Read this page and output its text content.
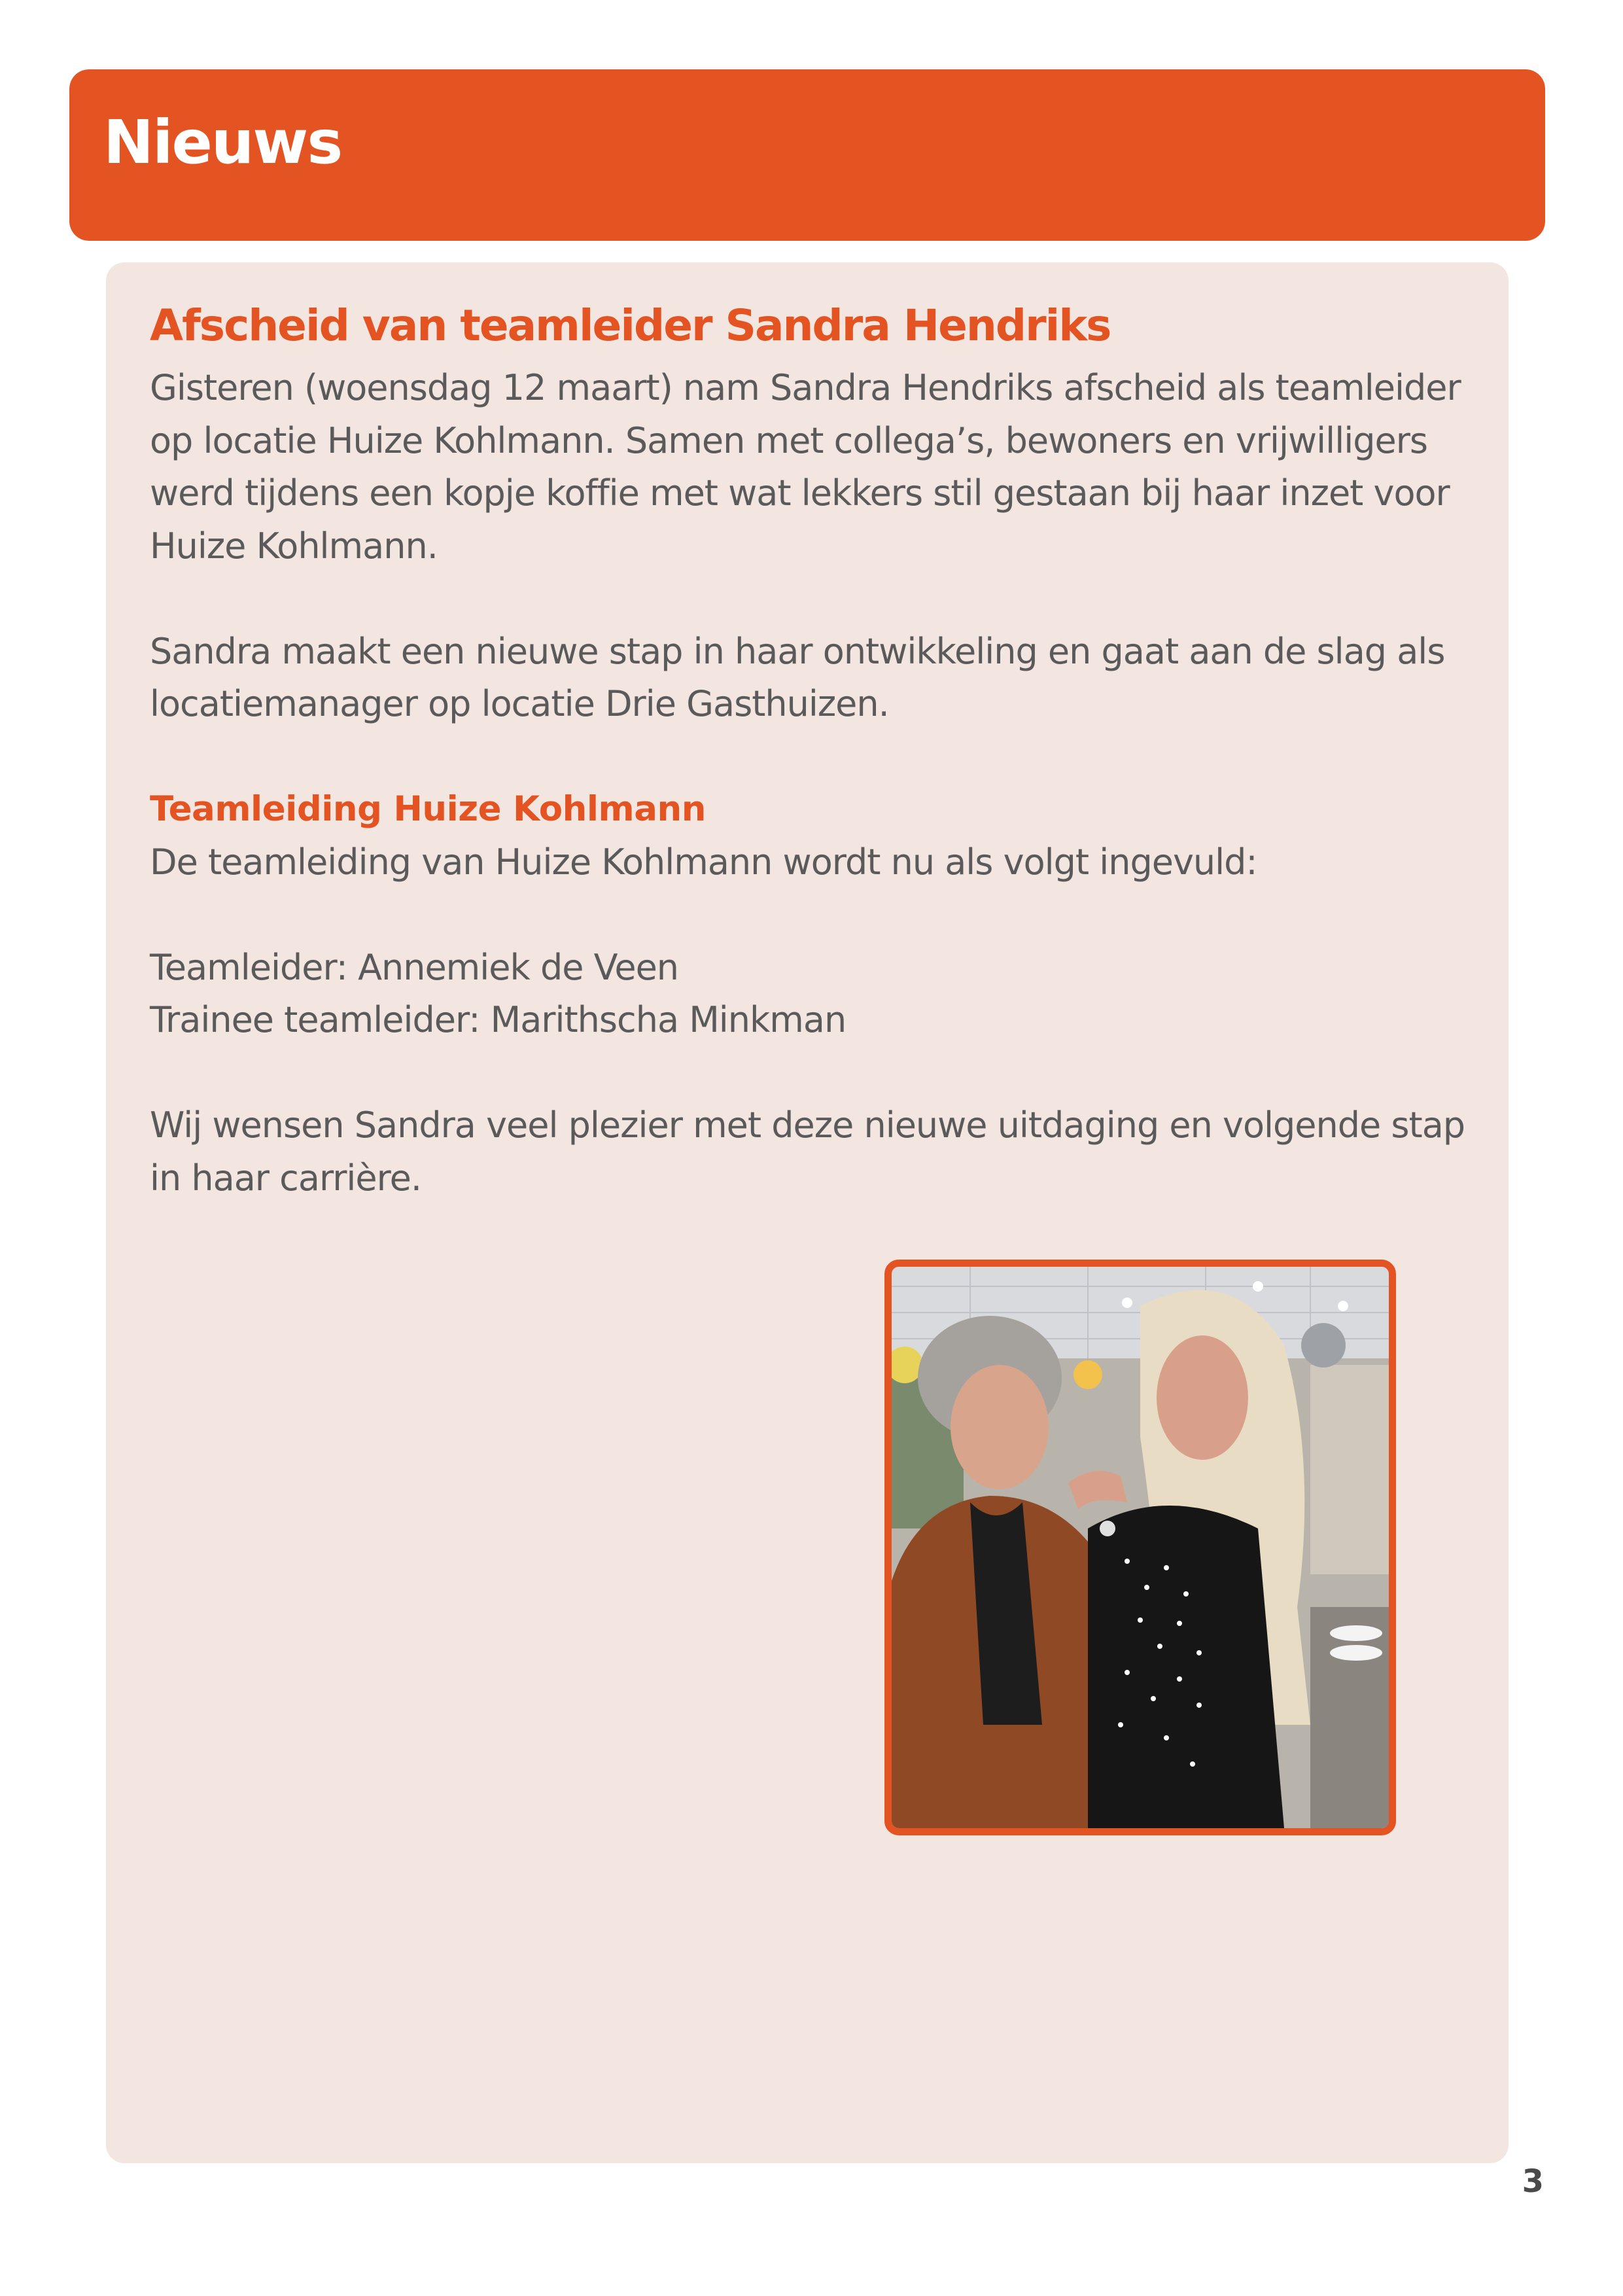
Nieuws
Afscheid van teamleider Sandra Hendriks

Gisteren (woensdag 12 maart) nam Sandra Hendriks afscheid als teamleider
op locatie Huize Kohlmann. Samen met collega’s, bewoners en vrijwilligers
werd tijdens een kopje koffie met wat lekkers stil gestaan bij haar inzet voor
Huize Kohlmann.

Sandra maakt een nieuwe stap in haar ontwikkeling en gaat aan de slag als
locatiemanager op locatie Drie Gasthuizen.

Teamleiding Huize Kohlmann

De teamleiding van Huize Kohlmann wordt nu als volgt ingevuld:

Teamleider: Annemiek de Veen

Trainee teamleider: Marithscha Minkman

Wij wensen Sandra veel plezier met deze nieuwe uitdaging en volgende stap
in haar carrière.

3
